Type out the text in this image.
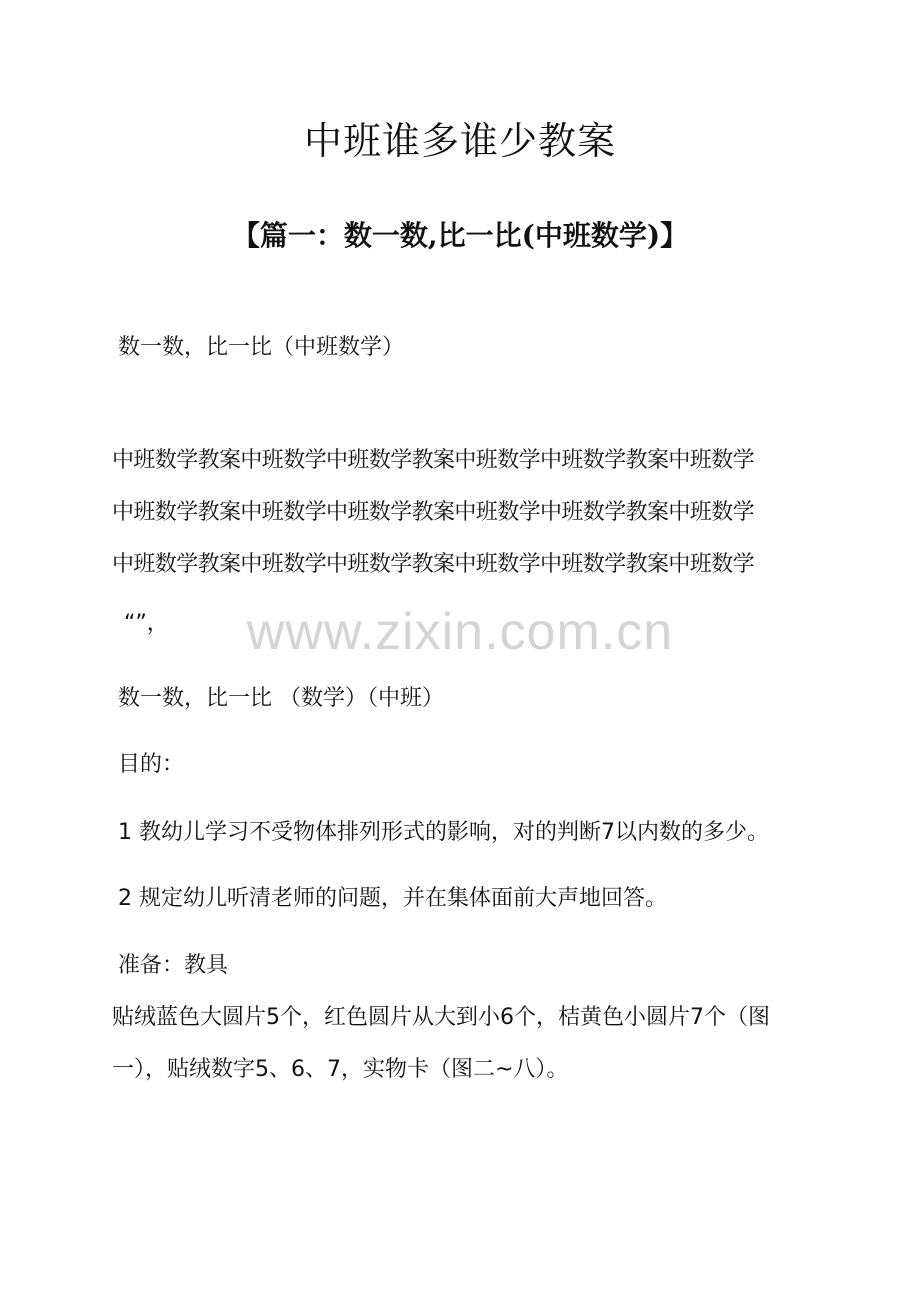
中班谁多谁少教案
【篇一：数一数,比一比(中班数学)】

数一数，比一比（中班数学）

中班数学教案中班数学中班数学教案中班数学中班数学教案中班数学

中班数学教案中班数学中班数学教案中班数学中班数学教案中班数学

中班数学教案中班数学中班数学教案中班数学中班数学教案中班数学

“”，	www.zixin.com.cn

数一数，比一比 （数学）（中班）

目的：

1 教幼儿学习不受物体排列形式的影响，对的判断7以内数的多少。

2 规定幼儿听清老师的问题，并在集体面前大声地回答。

准备：教具

贴绒蓝色大圆片5个，红色圆片从大到小6个，桔黄色小圆片7个（图

一），贴绒数字5、6、7，实物卡（图二~八）。
